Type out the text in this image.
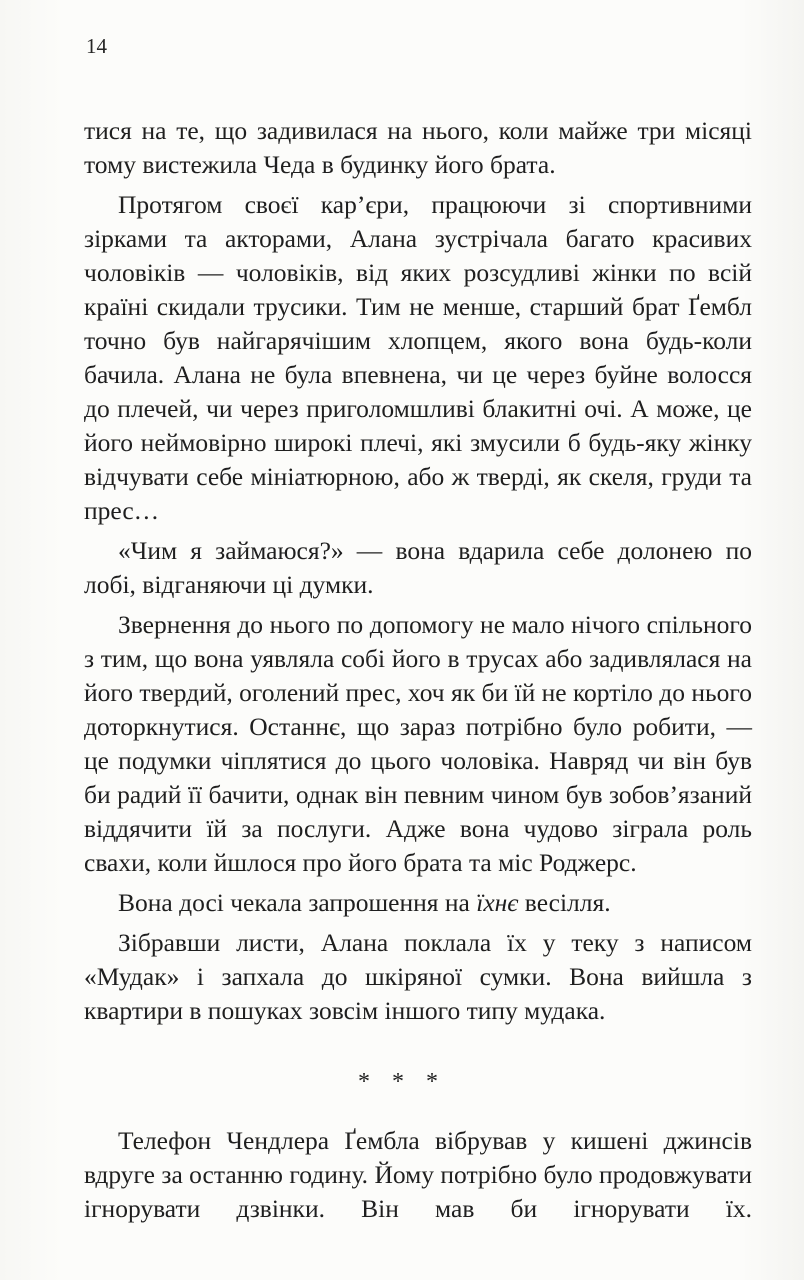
14

тися на те, що задивилася на нього, коли майже три місяці тому вистежила Чеда в будинку його брата.

Протягом своєї кар’єри, працюючи зі спортивними зірками та акторами, Алана зустрічала багато красивих чоловіків — чоловіків, від яких розсудливі жінки по всій країні скидали трусики. Тим не менше, старший брат Ґембл точно був найгарячішим хлопцем, якого вона будь-коли бачила. Алана не була впевнена, чи це через буйне волосся до плечей, чи через приголомшливі блакитні очі. А може, це його неймовірно широкі плечі, які змусили б будь-яку жінку відчувати себе мініатюрною, або ж тверді, як скеля, груди та прес…

«Чим я займаюся?» — вона вдарила себе долонею по лобі, відганяючи ці думки.

Звернення до нього по допомогу не мало нічого спільного з тим, що вона уявляла собі його в трусах або задивлялася на його твердий, оголений прес, хоч як би їй не кортіло до нього доторкнутися. Останнє, що зараз потрібно було робити, — це подумки чіплятися до цього чоловіка. Навряд чи він був би радий її бачити, однак він певним чином був зобов’язаний віддячити їй за послуги. Адже вона чудово зіграла роль свахи, коли йшлося про його брата та міс Роджерс.

Вона досі чекала запрошення на їхнє весілля.

Зібравши листи, Алана поклала їх у теку з написом «Мудак» і запхала до шкіряної сумки. Вона вийшла з квартири в пошуках зовсім іншого типу мудака.

* * *

Телефон Чендлера Ґембла вібрував у кишені джинсів вдруге за останню годину. Йому потрібно було продовжувати ігнорувати дзвінки. Він мав би ігнорувати їх.
